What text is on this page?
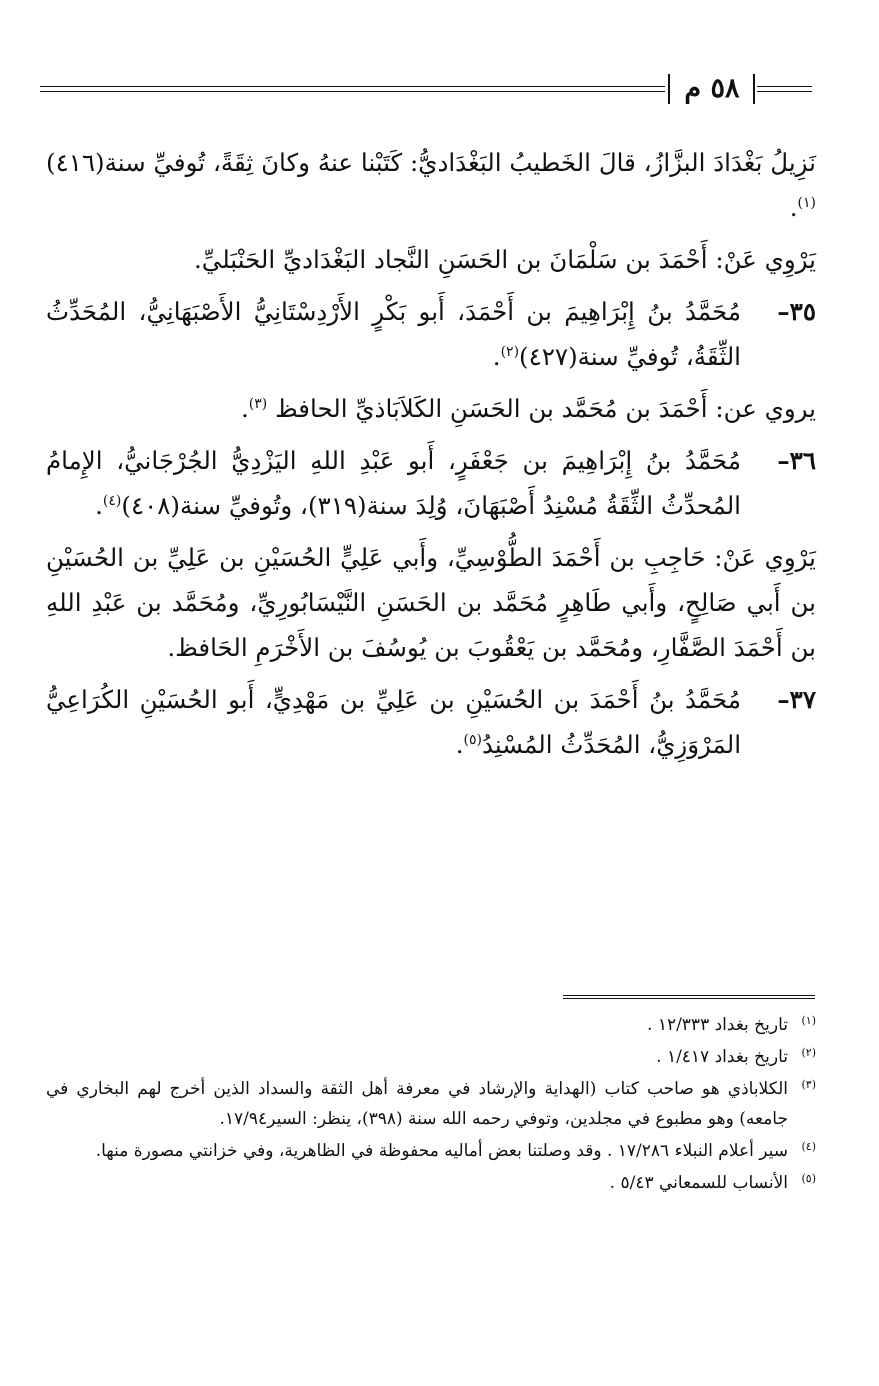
٥٨ م

نَزِيلُ بَغْدَادَ البزَّازُ، قالَ الخَطيبُ البَغْدَاديُّ: كَتَبْنا عنهُ وكانَ ثِقَةً، تُوفيِّ سنة(٤١٦)$^{(١)}$.

يَرْوِي عَنْ: أَحْمَدَ بن سَلْمَانَ بن الحَسَنِ النَّجاد البَغْدَاديِّ الحَنْبَليِّ.

٣٥–
مُحَمَّدُ بنُ إِبْرَاهِيمَ بن أَحْمَدَ، أَبو بَكْرٍ الأَرْدِسْتَانِيُّ الأَصْبَهَانِيُّ، المُحَدِّثُ الثِّقَةُ، تُوفيِّ سنة(٤٢٧)$^{(٢)}$.

يروي عن: أَحْمَدَ بن مُحَمَّد بن الحَسَنِ الكَلاَبَاذيِّ الحافظ $^{(٣)}$.

٣٦–
مُحَمَّدُ بنُ إِبْرَاهِيمَ بن جَعْفَرٍ، أَبو عَبْدِ اللهِ اليَزْدِيُّ الجُرْجَانيُّ، الإِمامُ المُحدِّثُ الثِّقَةُ مُسْنِدُ أَصْبَهَانَ، وُلِدَ سنة(٣١٩)، وتُوفيِّ سنة(٤٠٨)$^{(٤)}$.

يَرْوِي عَنْ: حَاجِبِ بن أَحْمَدَ الطُّوْسِيِّ، وأَبي عَلِيٍّ الحُسَيْنِ بن عَلِيِّ بن الحُسَيْنِ بن أَبي صَالِحٍ، وأَبي طَاهِرٍ مُحَمَّد بن الحَسَنِ النَّيْسَابُورِيِّ، ومُحَمَّد بن عَبْدِ اللهِ بن أَحْمَدَ الصَّفَّارِ، ومُحَمَّد بن يَعْقُوبَ بن يُوسُفَ بن الأَخْرَمِ الحَافظ.

٣٧–
مُحَمَّدُ بنُ أَحْمَدَ بن الحُسَيْنِ بن عَلِيِّ بن مَهْدِيٍّ، أَبو الحُسَيْنِ الكُرَاعِيُّ المَرْوَزِيُّ، المُحَدِّثُ المُسْنِدُ$^{(٥)}$.
(١)
تاريخ بغداد ١٢/٣٣٣ .
(٢)
تاريخ بغداد ١/٤١٧ .
(٣)
الكلاباذي هو صاحب كتاب (الهداية والإرشاد في معرفة أهل الثقة والسداد الذين أخرج لهم البخاري في جامعه) وهو مطبوع في مجلدين، وتوفي رحمه الله سنة (٣٩٨)، ينظر: السير١٧/٩٤.
(٤)
سير أعلام النبلاء ١٧/٢٨٦ . وقد وصلتنا بعض أماليه محفوظة في الظاهرية، وفي خزانتي مصورة منها.
(٥)
الأنساب للسمعاني ٥/٤٣ .
